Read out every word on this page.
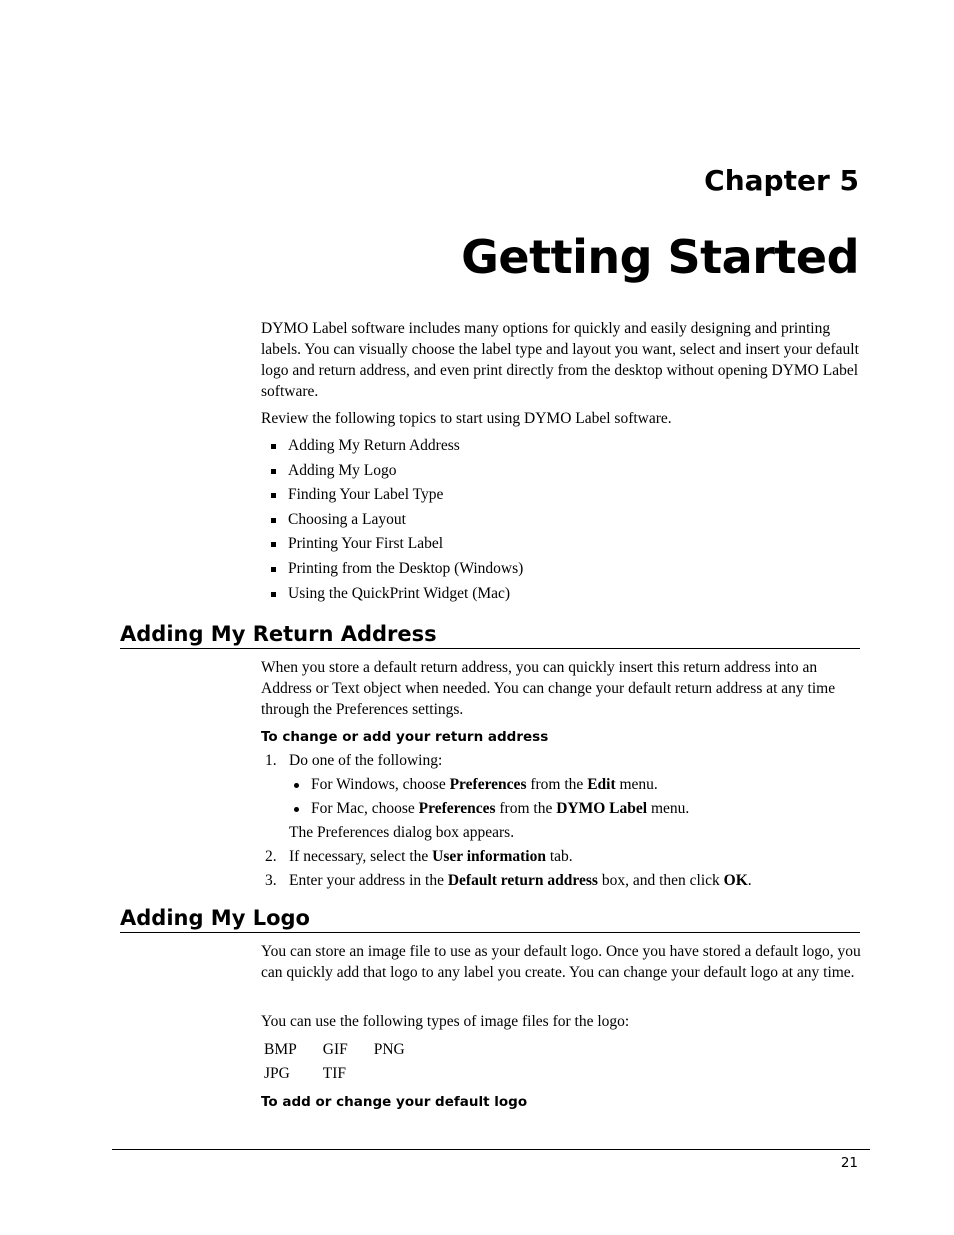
Chapter 5
Getting Started

DYMO Label software includes many options for quickly and easily designing and printing labels. You can visually choose the label type and layout you want, select and insert your default logo and return address, and even print directly from the desktop without opening DYMO Label software.

Review the following topics to start using DYMO Label software.

Adding My Return Address
Adding My Logo
Finding Your Label Type
Choosing a Layout
Printing Your First Label
Printing from the Desktop (Windows)
Using the QuickPrint Widget (Mac)
Adding My Return Address

When you store a default return address, you can quickly insert this return address into an Address or Text object when needed. You can change your default return address at any time through the Preferences settings.

To change or add your return address
1. Do one of the following:
For Windows, choose Preferences from the Edit menu.
For Mac, choose Preferences from the DYMO Label menu.
The Preferences dialog box appears.
2. If necessary, select the User information tab.
3. Enter your address in the Default return address box, and then click OK.
Adding My Logo

You can store an image file to use as your default logo. Once you have stored a default logo, you can quickly add that logo to any label you create. You can change your default logo at any time.

You can use the following types of image files for the logo:

BMP	GIF	PNG
JPG	TIF	
To add or change your default logo
21
